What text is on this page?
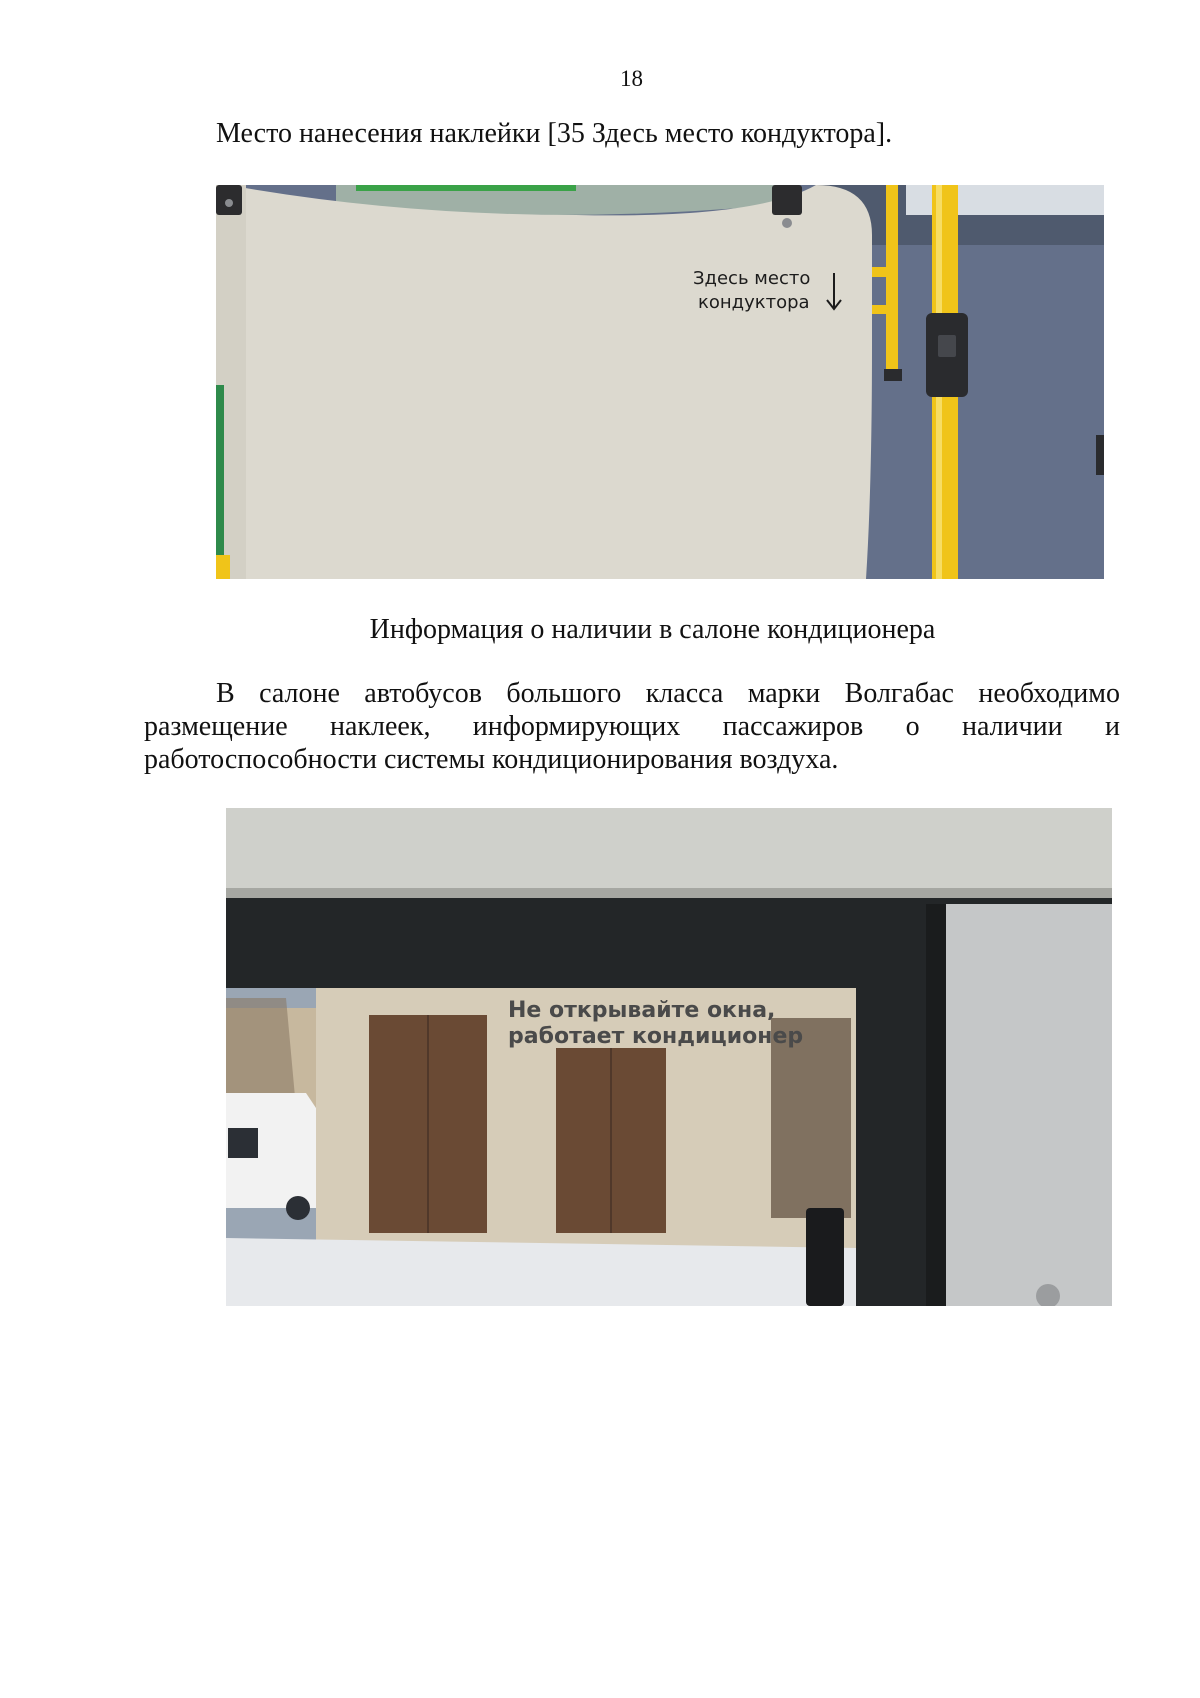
18
Место нанесения наклейки [35 Здесь место кондуктора].
Здесь место
кондуктора
Информация о наличии в салоне кондиционера
В салоне автобусов большого класса марки Волгабас необходимо
размещение наклеек, информирующих пассажиров о наличии и
работоспособности системы кондиционирования воздуха.
Не открывайте окна,
работает кондиционер
